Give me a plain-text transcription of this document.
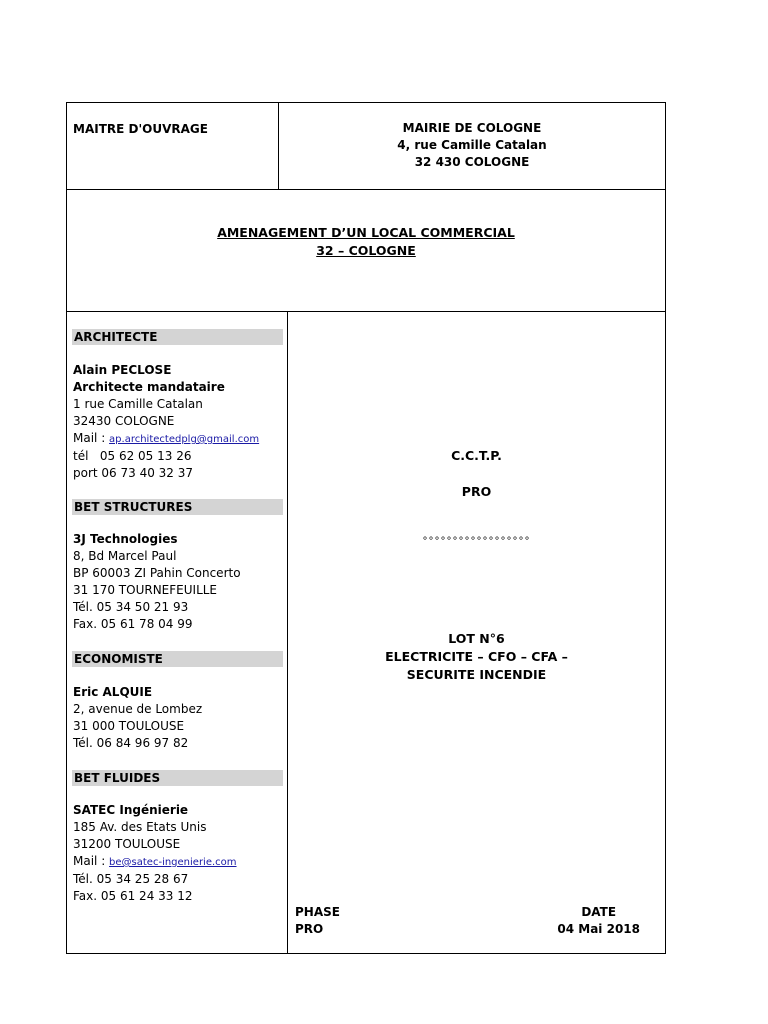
MAITRE D'OUVRAGE	MAIRIE DE COLOGNE
4, rue Camille Catalan
32 430 COLOGNE
AMENAGEMENT D’UN LOCAL COMMERCIAL
32 – COLOGNE
ARCHITECTE
Alain PECLOSE
Architecte mandataire
1 rue Camille Catalan
32430 COLOGNE
Mail : ap.architectedplg@gmail.com
tél   05 62 05 13 26
port 06 73 40 32 37
BET STRUCTURES
3J Technologies
8, Bd Marcel Paul
BP 60003 ZI Pahin Concerto
31 170 TOURNEFEUILLE
Tél. 05 34 50 21 93
Fax. 05 61 78 04 99
ECONOMISTE
Eric ALQUIE
2, avenue de Lombez
31 000 TOULOUSE
Tél. 06 84 96 97 82
BET FLUIDES
SATEC Ingénierie
185 Av. des Etats Unis
31200 TOULOUSE
Mail : be@satec-ingenierie.com
Tél. 05 34 25 28 67
Fax. 05 61 24 33 12
C.C.T.P.
PRO
°°°°°°°°°°°°°°°°°°
LOT N°6
ELECTRICITE – CFO – CFA –
SECURITE INCENDIE
PHASE
PRO
DATE
04 Mai 2018
